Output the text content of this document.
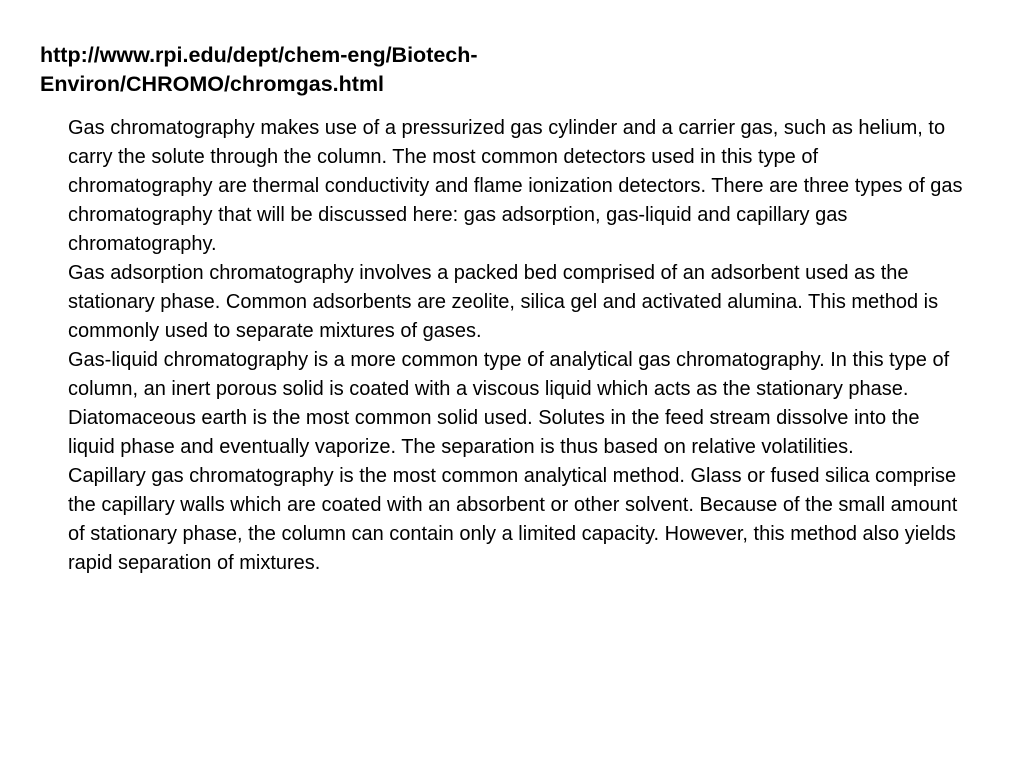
http://www.rpi.edu/dept/chem-eng/Biotech-Environ/CHROMO/chromgas.html

Gas chromatography makes use of a pressurized gas cylinder and a carrier gas, such as helium, to carry the solute through the column. The most common detectors used in this type of chromatography are thermal conductivity and flame ionization detectors. There are three types of gas chromatography that will be discussed here: gas adsorption, gas-liquid and capillary gas chromatography.

Gas adsorption chromatography involves a packed bed comprised of an adsorbent used as the stationary phase. Common adsorbents are zeolite, silica gel and activated alumina. This method is commonly used to separate mixtures of gases.

Gas-liquid chromatography is a more common type of analytical gas chromatography. In this type of column, an inert porous solid is coated with a viscous liquid which acts as the stationary phase. Diatomaceous earth is the most common solid used. Solutes in the feed stream dissolve into the liquid phase and eventually vaporize. The separation is thus based on relative volatilities.

Capillary gas chromatography is the most common analytical method. Glass or fused silica comprise the capillary walls which are coated with an absorbent or other solvent. Because of the small amount of stationary phase, the column can contain only a limited capacity. However, this method also yields rapid separation of mixtures.
